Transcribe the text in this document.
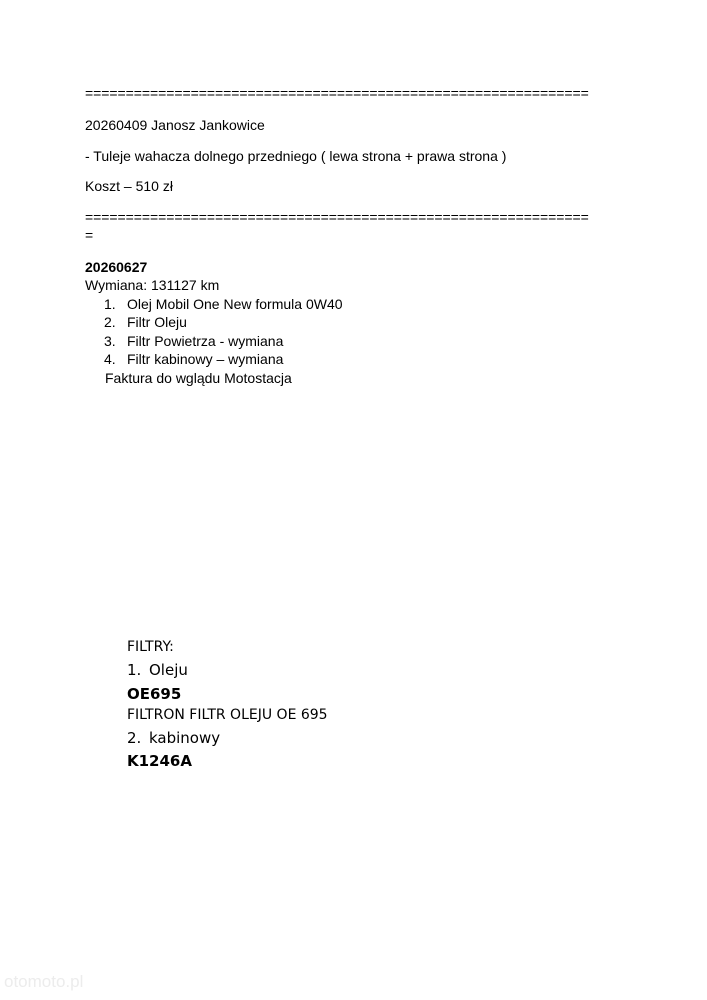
==============================================================
20260409 Janosz Jankowice
- Tuleje wahacza dolnego przedniego ( lewa strona + prawa strona )
Koszt – 510 zł
==============================================================
=
20260627
Wymiana: 131127 km
1. Olej Mobil One New formula 0W40
2. Filtr Oleju
3. Filtr Powietrza - wymiana
4. Filtr kabinowy – wymiana
Faktura do wglądu Motostacja
FILTRY:
1. Oleju
OE695
FILTRON FILTR OLEJU OE 695
2. kabinowy
K1246A
otomoto.pl
